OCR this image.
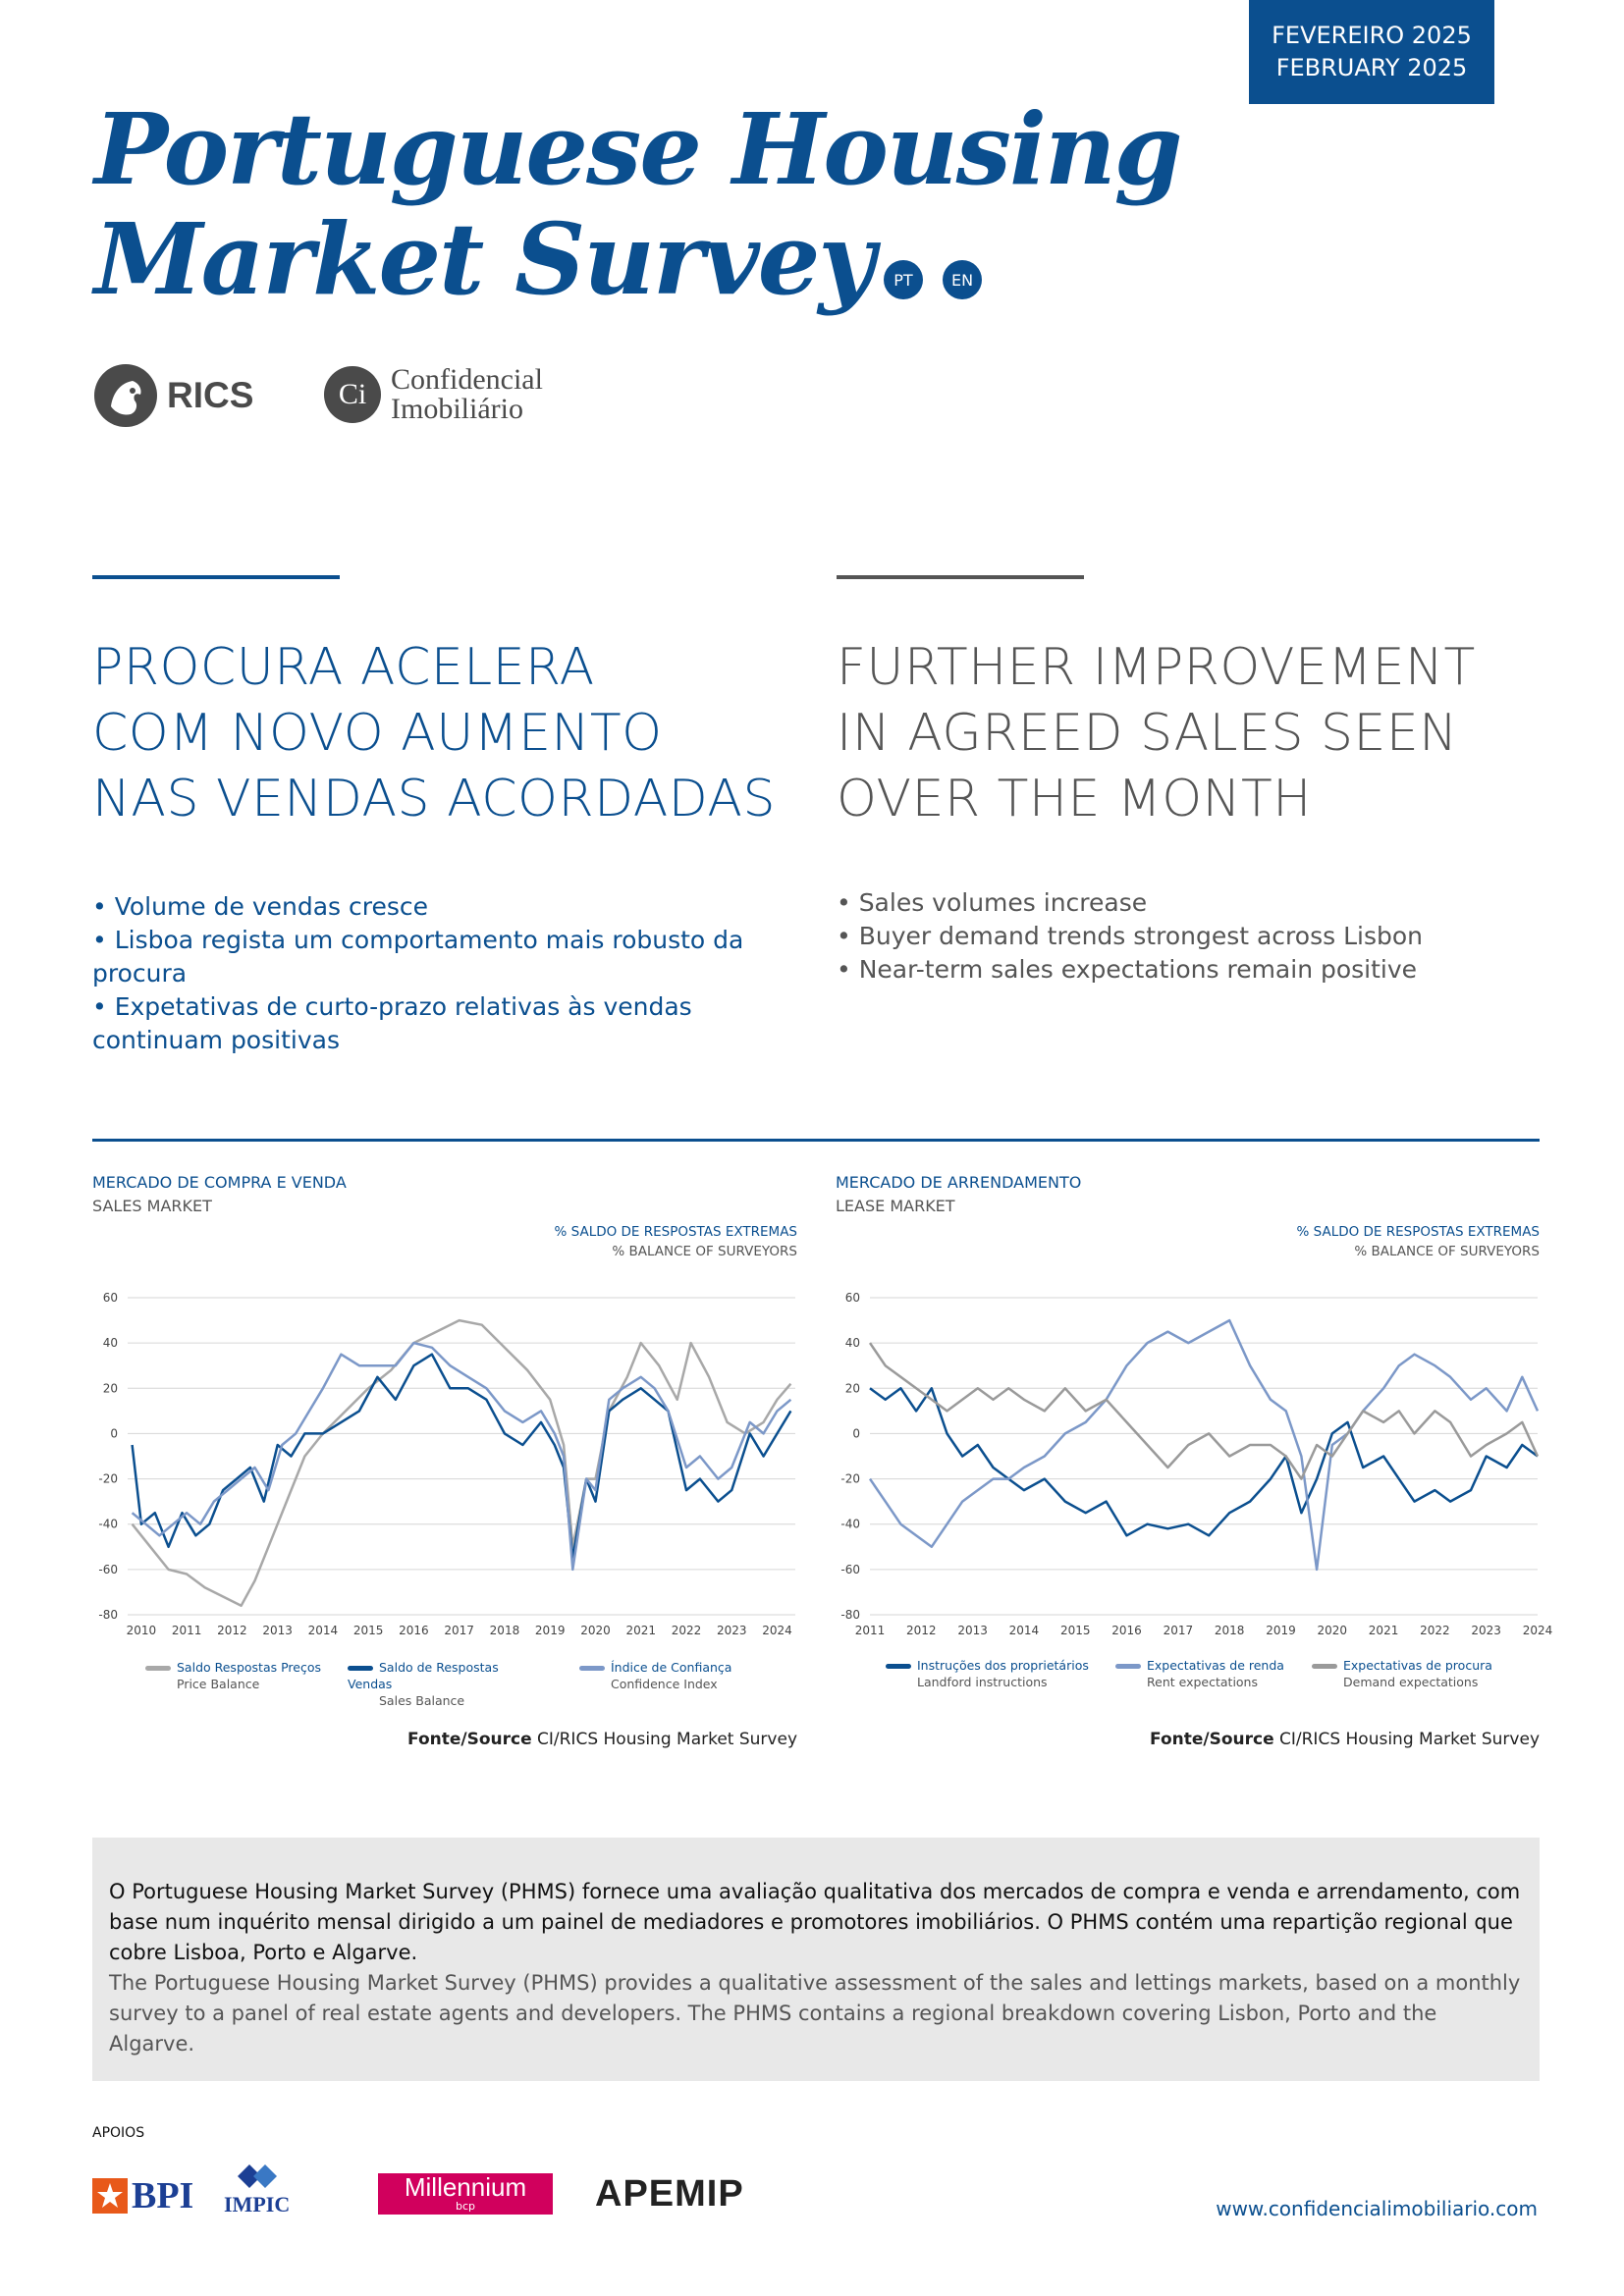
FEVEREIRO 2025
FEBRUARY 2025
Portuguese Housing
Market Survey	PT	EN
RICS	Ci Confidencial
Imobiliário
PROCURA ACELERA
COM NOVO AUMENTO
NAS VENDAS ACORDADAS
FURTHER IMPROVEMENT
IN AGREED SALES SEEN
OVER THE MONTH
• Volume de vendas cresce
• Lisboa regista um comportamento mais robusto da procura
• Expetativas de curto-prazo relativas às vendas continuam positivas
• Sales volumes increase
• Buyer demand trends strongest across Lisbon
• Near-term sales expectations remain positive
MERCADO DE COMPRA E VENDA
SALES MARKET
% SALDO DE RESPOSTAS EXTREMAS
% BALANCE OF SURVEYORS
MERCADO DE ARRENDAMENTO
LEASE MARKET
% SALDO DE RESPOSTAS EXTREMAS
% BALANCE OF SURVEYORS
60
40
20
0
-20
-40
-60
-80
2010 2011 2012 2013 2014 2015 2016 2017 2018 2019 2020 2021 2022 2023 2024
60
40
20
0
-20
-40
-60
-80
2011 2012 2013 2014 2015 2016 2017 2018 2019 2020 2021 2022 2023 2024
Saldo Respostas Preços
Price Balance
Saldo de Respostas Vendas
Sales Balance
Índice de Confiança
Confidence Index
Instruções dos proprietários
Landford instructions
Expectativas de renda
Rent expectations
Expectativas de procura
Demand expectations
Fonte/Source CI/RICS Housing Market Survey	Fonte/Source CI/RICS Housing Market Survey
O Portuguese Housing Market Survey (PHMS) fornece uma avaliação qualitativa dos mercados de compra e venda e arrendamento, com base num inquérito mensal dirigido a um painel de mediadores e promotores imobiliários. O PHMS contém uma repartição regional que cobre Lisboa, Porto e Algarve.
The Portuguese Housing Market Survey (PHMS) provides a qualitative assessment of the sales and lettings markets, based on a monthly survey to a panel of real estate agents and developers. The PHMS contains a regional breakdown covering Lisbon, Porto and the Algarve.
APOIOS
BPI IMPIC
Millennium
bcp	APEMIP	www.confidencialimobiliario.com
